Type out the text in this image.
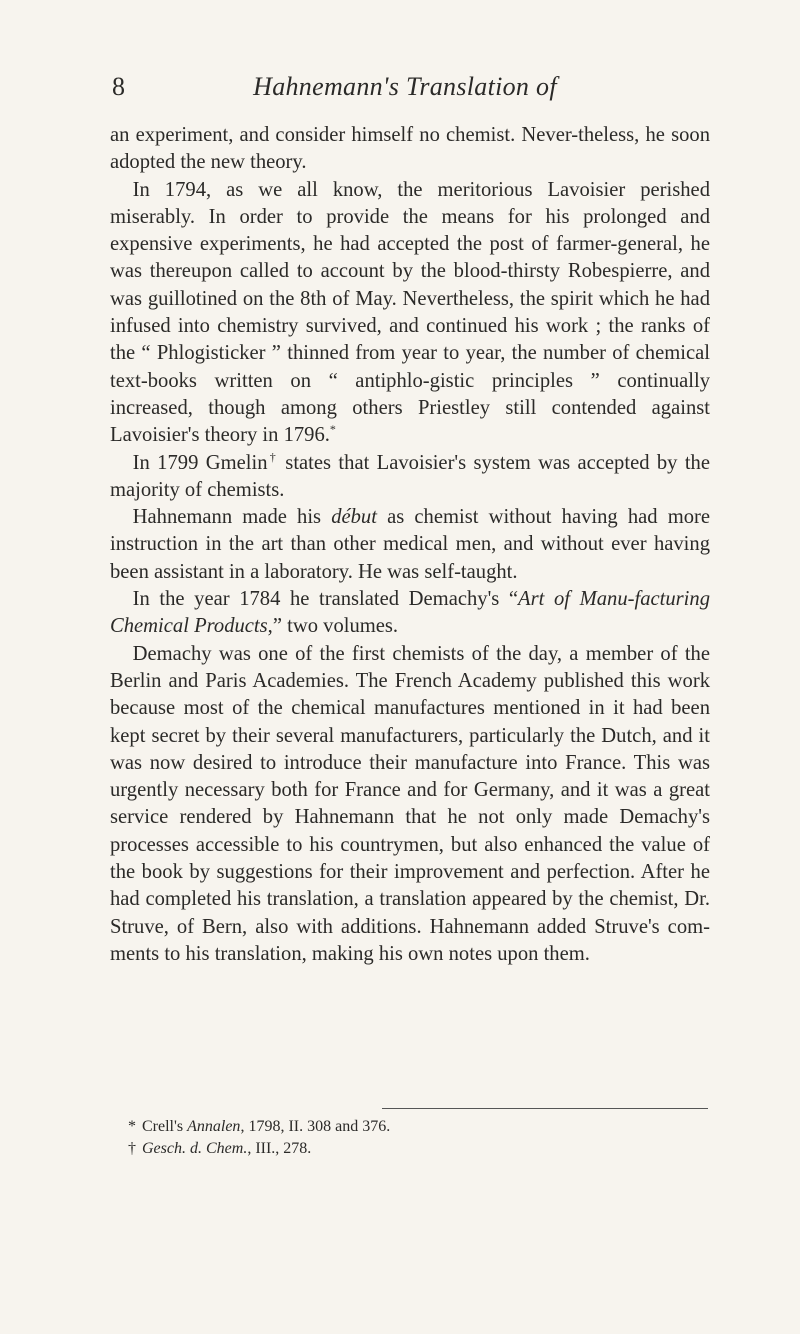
8	Hahnemann's Translation of

an experiment, and consider himself no chemist. Never-theless, he soon adopted the new theory.

In 1794, as we all know, the meritorious Lavoisier perished miserably. In order to provide the means for his prolonged and expensive experiments, he had accepted the post of farmer-general, he was thereupon called to account by the blood-thirsty Robespierre, and was guillotined on the 8th of May. Nevertheless, the spirit which he had infused into chemistry survived, and continued his work ; the ranks of the “ Phlogisticker ” thinned from year to year, the number of chemical text-books written on “ antiphlo-gistic principles ” continually increased, though among others Priestley still contended against Lavoisier's theory in 1796.*

In 1799 Gmelin† states that Lavoisier's system was accepted by the majority of chemists.

Hahnemann made his début as chemist without having had more instruction in the art than other medical men, and without ever having been assistant in a laboratory. He was self-taught.

In the year 1784 he translated Demachy's “Art of Manu-facturing Chemical Products,” two volumes.

Demachy was one of the first chemists of the day, a member of the Berlin and Paris Academies. The French Academy published this work because most of the chemical manufactures mentioned in it had been kept secret by their several manufacturers, particularly the Dutch, and it was now desired to introduce their manufacture into France. This was urgently necessary both for France and for Germany, and it was a great service rendered by Hahnemann that he not only made Demachy's processes accessible to his countrymen, but also enhanced the value of the book by suggestions for their improvement and perfection. After he had completed his translation, a translation appeared by the chemist, Dr. Struve, of Bern, also with additions. Hahnemann added Struve's com-ments to his translation, making his own notes upon them.

* Crell's Annalen, 1798, II. 308 and 376.

† Gesch. d. Chem., III., 278.
